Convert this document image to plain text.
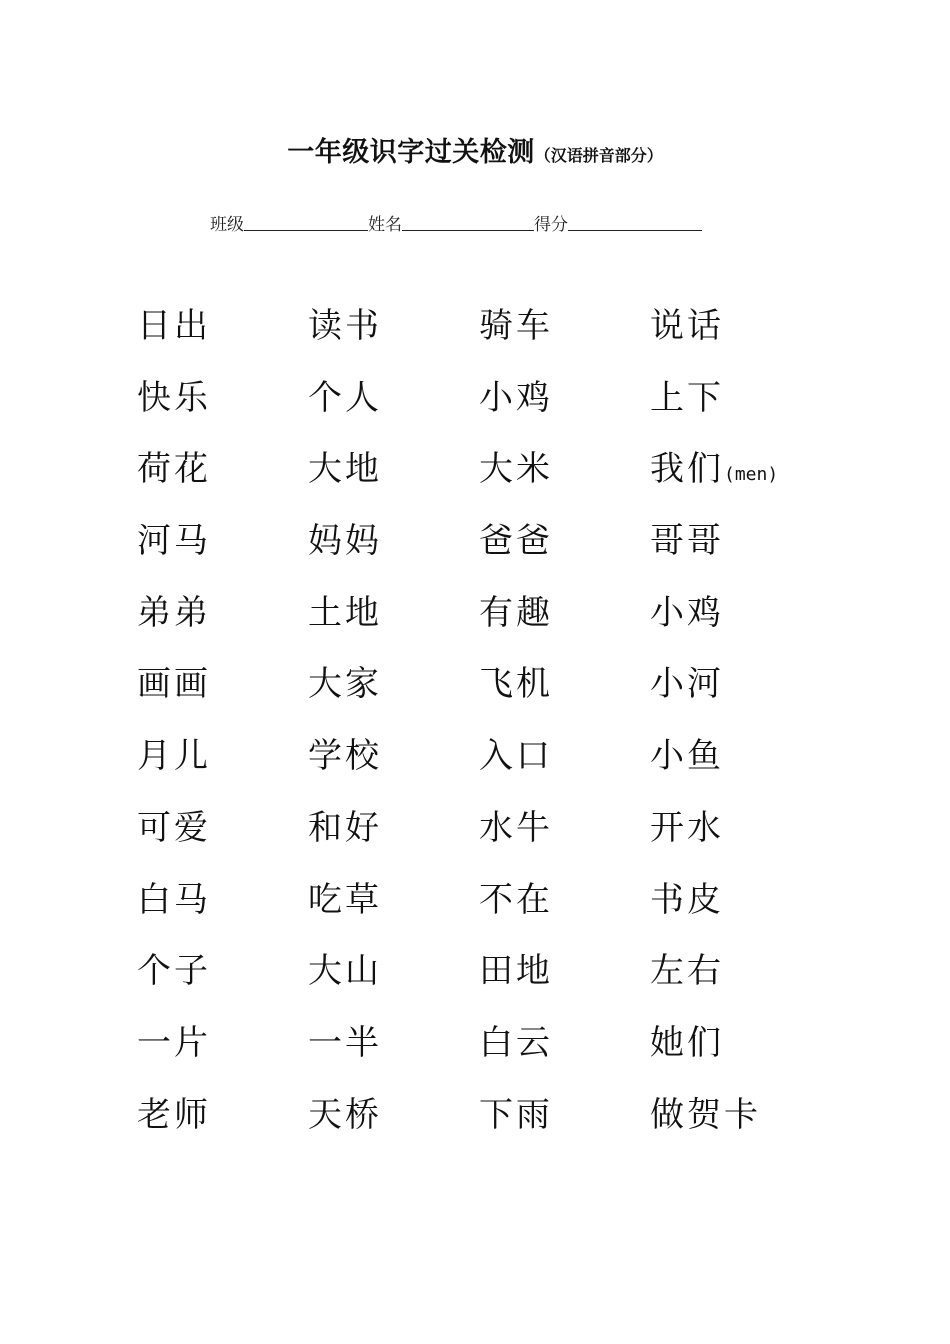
一年级识字过关检测（汉语拼音部分）
班级	姓名	得分
日出	读书	骑车	说话
快乐	个人	小鸡	上下
荷花	大地	大米	我们(men)
河马	妈妈	爸爸	哥哥
弟弟	土地	有趣	小鸡
画画	大家	飞机	小河
月儿	学校	入口	小鱼
可爱	和好	水牛	开水
白马	吃草	不在	书皮
个子	大山	田地	左右
一片	一半	白云	她们
老师	天桥	下雨	做贺卡
